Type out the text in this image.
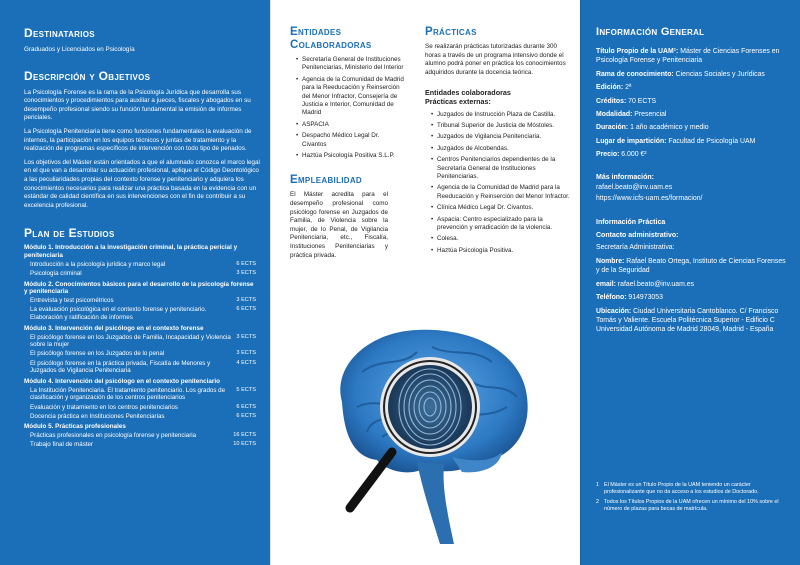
Destinatarios

Graduados y Licenciados en Psicología

Descripción y Objetivos

La Psicología Forense es la rama de la Psicología Jurídica que desarrolla sus conocimientos y procedimientos para auxiliar a jueces, fiscales y abogados en su desempeño profesional siendo su función fundamental la emisión de informes periciales.

La Psicología Penitenciaria tiene como funciones fundamentales la evaluación de internos, la participación en los equipos técnicos y juntas de tratamiento y la realización de programas específicos de intervención con todo tipo de penados.

Los objetivos del Máster están orientados a que el alumnado conozca el marco legal en el que van a desarrollar su actuación profesional, aplique el Código Deontológico a las peculiaridades propias del contexto forense y penitenciario y adquiera los conocimientos necesarios para realizar una práctica basada en la evidencia con un estándar de calidad científica en sus intervenciones con el fin de contribuir a su excelencia profesional.

Plan de Estudios
Módulo 1. Introducción a la investigación criminal, la práctica pericial y penitenciaria
Introducción a la psicología jurídica y marco legal	6 ECTS
Psicología criminal	3 ECTS
Módulo 2. Conocimientos básicos para el desarrollo de la psicología forense y penitenciaria
Entrevista y test psicométricos	3 ECTS
La evaluación psicológica en el contexto forense y penitenciario. Elaboración y ratificación de informes
6 ECTS
Módulo 3. Intervención del psicólogo en el contexto forense
El psicólogo forense en los Juzgados de Familia, Incapacidad y Violencia sobre la mujer
3 ECTS
El psicólogo forense en los Juzgados de lo penal	3 ECTS
El psicólogo forense en la práctica privada, Fiscalía de Menores y Juzgados de Vigilancia Penitenciaria
4 ECTS
Módulo 4. Intervención del psicólogo en el contexto penitenciario
La Institución Penitenciaria. El tratamiento penitenciario. Los grados de clasificación y organización de los centros penitenciarios
5 ECTS
Evaluación y tratamiento en los centros penitenciarios	6 ECTS
Docencia práctica en Instituciones Penitenciarias	6 ECTS
Módulo 5. Prácticas profesionales
Prácticas profesionales en psicología forense y penitenciaria	16 ECTS
Trabajo final de máster	10 ECTS
Entidades
Colaboradoras
• Secretaría General de Instituciones Penitenciarias, Ministerio del Interior
• Agencia de la Comunidad de Madrid para la Reeducación y Reinserción del Menor Infractor, Consejería de Justicia e Interior, Comunidad de Madrid
• ASPACIA
• Despacho Médico Legal Dr. Civantos
• Haztúa Psicología Positiva S.L.P.
Empleabilidad

El Máster acredita para el desempeño profesional como psicólogo forense en Juzgados de Familia, de Violencia sobre la mujer, de lo Penal, de Vigilancia Penitenciaria, etc., Fiscalía, Instituciones Penitenciarias y práctica privada.

Prácticas

Se realizarán prácticas tutorizadas durante 300 horas a través de un programa intensivo donde el alumno podrá poner en práctica los conocimientos adquiridos durante la docencia teórica.

Entidades colaboradoras
Prácticas externas:
• Juzgados de Instrucción Plaza de Castilla.
• Tribunal Superior de Justicia de Móstoles.
• Juzgados de Vigilancia Penitenciaria.
• Juzgados de Alcobendas.
• Centros Penitenciarios dependientes de la Secretaría General de Instituciones Penitenciarias.
• Agencia de la Comunidad de Madrid para la Reeducación y Reinserción del Menor Infractor.
• Clínica Médico Legal Dr. Civantos.
• Aspacia: Centro especializado para la prevención y erradicación de la violencia.
• Colesa.
• Haztúa Psicología Positiva.
Información General

Título Propio de la UAM¹: Máster de Ciencias Forenses en Psicología Forense y Penitenciaria

Rama de conocimiento: Ciencias Sociales y Jurídicas

Edición: 2ª

Créditos: 70 ECTS

Modalidad: Presencial

Duración: 1 año académico y medio

Lugar de impartición: Facultad de Psicología UAM

Precio: 6.000 €²

Más información:

rafael.beato@inv.uam.es

https://www.icfs-uam.es/formacion/

Información Práctica
Contacto administrativo:

Secretaría Administrativa:

Nombre: Rafael Beato Ortega, Instituto de Ciencias Forenses y de la Seguridad

email: rafael.beato@inv.uam.es

Teléfono: 914973053

Ubicación: Ciudad Universitaria Cantoblanco. C/ Francisco Tomás y Valiente. Escuela Politécnica Superior - Edificio C Universidad Autónoma de Madrid 28049, Madrid - España

1 El Máster es un Título Propio de la UAM teniendo un carácter profesionalizante que no da acceso a los estudios de Doctorado.
2 Todos los Títulos Propios de la UAM ofrecen un mínimo del 10% sobre el número de plazas para becas de matrícula.
